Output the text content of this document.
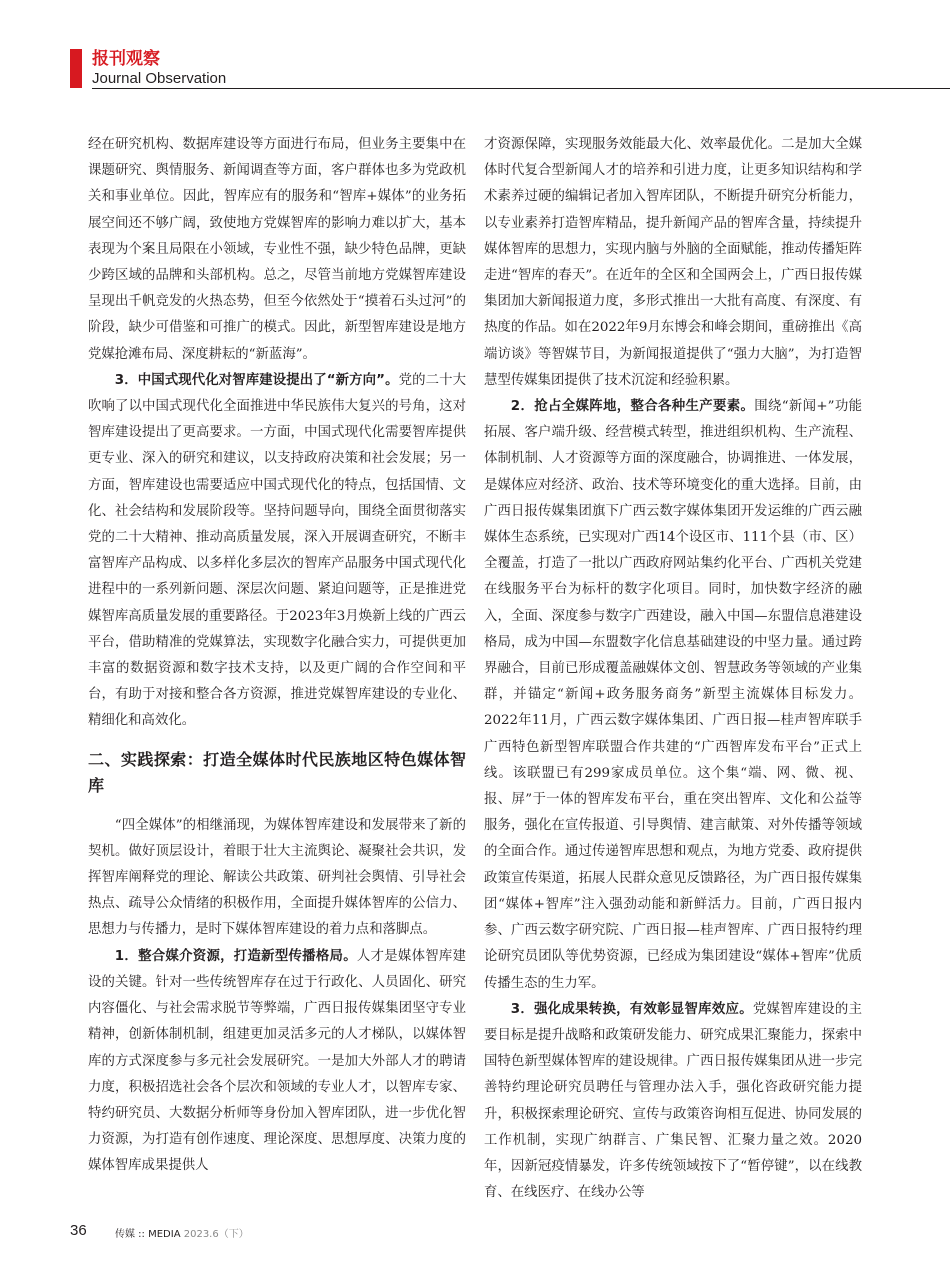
报刊观察
Journal Observation

经在研究机构、数据库建设等方面进行布局，但业务主要集中在课题研究、舆情服务、新闻调查等方面，客户群体也多为党政机关和事业单位。因此，智库应有的服务和“智库+媒体”的业务拓展空间还不够广阔，致使地方党媒智库的影响力难以扩大，基本表现为个案且局限在小领域，专业性不强，缺少特色品牌，更缺少跨区域的品牌和头部机构。总之，尽管当前地方党媒智库建设呈现出千帆竞发的火热态势，但至今依然处于“摸着石头过河”的阶段，缺少可借鉴和可推广的模式。因此，新型智库建设是地方党媒抢滩布局、深度耕耘的“新蓝海”。

3．中国式现代化对智库建设提出了“新方向”。党的二十大吹响了以中国式现代化全面推进中华民族伟大复兴的号角，这对智库建设提出了更高要求。一方面，中国式现代化需要智库提供更专业、深入的研究和建议，以支持政府决策和社会发展；另一方面，智库建设也需要适应中国式现代化的特点，包括国情、文化、社会结构和发展阶段等。坚持问题导向，围绕全面贯彻落实党的二十大精神、推动高质量发展，深入开展调查研究，不断丰富智库产品构成、以多样化多层次的智库产品服务中国式现代化进程中的一系列新问题、深层次问题、紧迫问题等，正是推进党媒智库高质量发展的重要路径。于2023年3月焕新上线的广西云平台，借助精准的党媒算法，实现数字化融合实力，可提供更加丰富的数据资源和数字技术支持，以及更广阔的合作空间和平台，有助于对接和整合各方资源，推进党媒智库建设的专业化、精细化和高效化。

二、实践探索：打造全媒体时代民族地区特色媒体智库

“四全媒体”的相继涌现，为媒体智库建设和发展带来了新的契机。做好顶层设计，着眼于壮大主流舆论、凝聚社会共识，发挥智库阐释党的理论、解读公共政策、研判社会舆情、引导社会热点、疏导公众情绪的积极作用，全面提升媒体智库的公信力、思想力与传播力，是时下媒体智库建设的着力点和落脚点。

1．整合媒介资源，打造新型传播格局。人才是媒体智库建设的关键。针对一些传统智库存在过于行政化、人员固化、研究内容僵化、与社会需求脱节等弊端，广西日报传媒集团坚守专业精神，创新体制机制，组建更加灵活多元的人才梯队，以媒体智库的方式深度参与多元社会发展研究。一是加大外部人才的聘请力度，积极招选社会各个层次和领域的专业人才，以智库专家、特约研究员、大数据分析师等身份加入智库团队，进一步优化智力资源，为打造有创作速度、理论深度、思想厚度、决策力度的媒体智库成果提供人

才资源保障，实现服务效能最大化、效率最优化。二是加大全媒体时代复合型新闻人才的培养和引进力度，让更多知识结构和学术素养过硬的编辑记者加入智库团队，不断提升研究分析能力，以专业素养打造智库精品，提升新闻产品的智库含量，持续提升媒体智库的思想力，实现内脑与外脑的全面赋能，推动传播矩阵走进“智库的春天”。在近年的全区和全国两会上，广西日报传媒集团加大新闻报道力度，多形式推出一大批有高度、有深度、有热度的作品。如在2022年9月东博会和峰会期间，重磅推出《高端访谈》等智媒节目，为新闻报道提供了“强力大脑”，为打造智慧型传媒集团提供了技术沉淀和经验积累。

2．抢占全媒阵地，整合各种生产要素。围绕“新闻+”功能拓展、客户端升级、经营模式转型，推进组织机构、生产流程、体制机制、人才资源等方面的深度融合，协调推进、一体发展，是媒体应对经济、政治、技术等环境变化的重大选择。目前，由广西日报传媒集团旗下广西云数字媒体集团开发运维的广西云融媒体生态系统，已实现对广西14个设区市、111个县（市、区）全覆盖，打造了一批以广西政府网站集约化平台、广西机关党建在线服务平台为标杆的数字化项目。同时，加快数字经济的融入，全面、深度参与数字广西建设，融入中国—东盟信息港建设格局，成为中国—东盟数字化信息基础建设的中坚力量。通过跨界融合，目前已形成覆盖融媒体文创、智慧政务等领域的产业集群，并锚定“新闻+政务服务商务”新型主流媒体目标发力。2022年11月，广西云数字媒体集团、广西日报—桂声智库联手广西特色新型智库联盟合作共建的“广西智库发布平台”正式上线。该联盟已有299家成员单位。这个集“端、网、微、视、报、屏”于一体的智库发布平台，重在突出智库、文化和公益等服务，强化在宣传报道、引导舆情、建言献策、对外传播等领域的全面合作。通过传递智库思想和观点，为地方党委、政府提供政策宣传渠道，拓展人民群众意见反馈路径，为广西日报传媒集团“媒体+智库”注入强劲动能和新鲜活力。目前，广西日报内参、广西云数字研究院、广西日报—桂声智库、广西日报特约理论研究员团队等优势资源，已经成为集团建设“媒体+智库”优质传播生态的生力军。

3．强化成果转换，有效彰显智库效应。党媒智库建设的主要目标是提升战略和政策研发能力、研究成果汇聚能力，探索中国特色新型媒体智库的建设规律。广西日报传媒集团从进一步完善特约理论研究员聘任与管理办法入手，强化咨政研究能力提升，积极探索理论研究、宣传与政策咨询相互促进、协同发展的工作机制，实现广纳群言、广集民智、汇聚力量之效。2020年，因新冠疫情暴发，许多传统领域按下了“暂停键”，以在线教育、在线医疗、在线办公等

36	传媒 :: MEDIA 2023.6（下）
